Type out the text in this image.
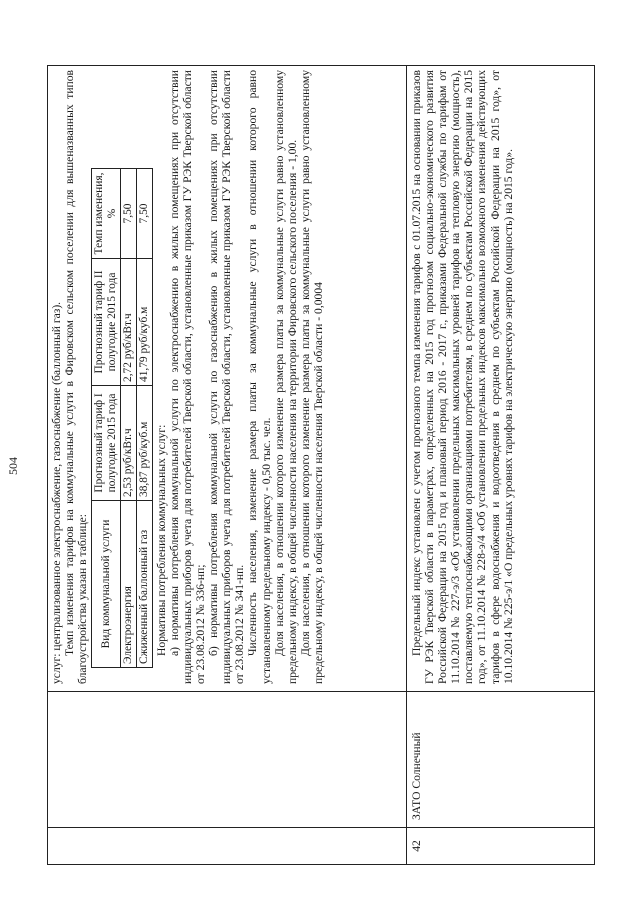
504	услуг: централизованное электроснабжение, газоснабжение (баллонный газ). Темп изменения тарифов на коммунальные услуги в Фировском сельском поселении для вышеназванных типов благоустройства указан в таблице: Вид коммунальной услуги	Прогнозный тариф I полугодие 2015 года	Прогнозный тариф II полугодие 2015 года	Темп изменения, %
Электроэнергия	2,53 руб/кВт.ч	2,72 руб/кВт.ч	7,50
Сжиженный баллонный газ	38,87 руб/куб.м	41,79 руб/куб.м	7,50

Нормативы потребления коммунальных услуг: а) нормативы потребления коммунальной услуги по электроснабжению в жилых помещениях при отсутствии индивидуальных приборов учета для потребителей Тверской области, установленные приказом ГУ РЭК Тверской области от 23.08.2012 № 336-нп; б) нормативы потребления коммунальной услуги по газоснабжению в жилых помещениях при отсутствии индивидуальных приборов учета для потребителей Тверской области, установленные приказом ГУ РЭК Тверской области от 23.08.2012 № 341-нп. Численность населения, изменение размера платы за коммунальные услуги в отношении которого равно установленному предельному индексу - 0,50 тыс. чел. Доля населения, в отношении которого изменение размера платы за коммунальные услуги равно установленному предельному индексу, в общей численности населения на территории Фировского сельского поселения - 1,00. Доля населения, в отношении которого изменение размера платы за коммунальные услуги равно установленному предельному индексу, в общей численности населения Тверской области - 0,0004

42
ЗАТО Солнечный

Предельный индекс установлен с учетом прогнозного темпа изменения тарифов с 01.07.2015 на основании приказов ГУ РЭК Тверской области в параметрах, определенных на 2015 год прогнозом социально-экономического развития Российской Федерации на 2015 год и плановый период 2016 - 2017 г., приказами Федеральной службы по тарифам от 11.10.2014 № 227-э/3 «Об установлении предельных максимальных уровней тарифов на тепловую энергию (мощность), поставляемую теплоснабжающими организациями потребителям, в среднем по субъектам Российской Федерации на 2015 год», от 11.10.2014 № 228-э/4 «Об установлении предельных индексов максимально возможного изменения действующих тарифов в сфере водоснабжения и водоотведения в среднем по субъектам Российской Федерации на 2015 год», от 10.10.2014 № 225-э/1 «О предельных уровнях тарифов на электрическую энергию (мощность) на 2015 год».
